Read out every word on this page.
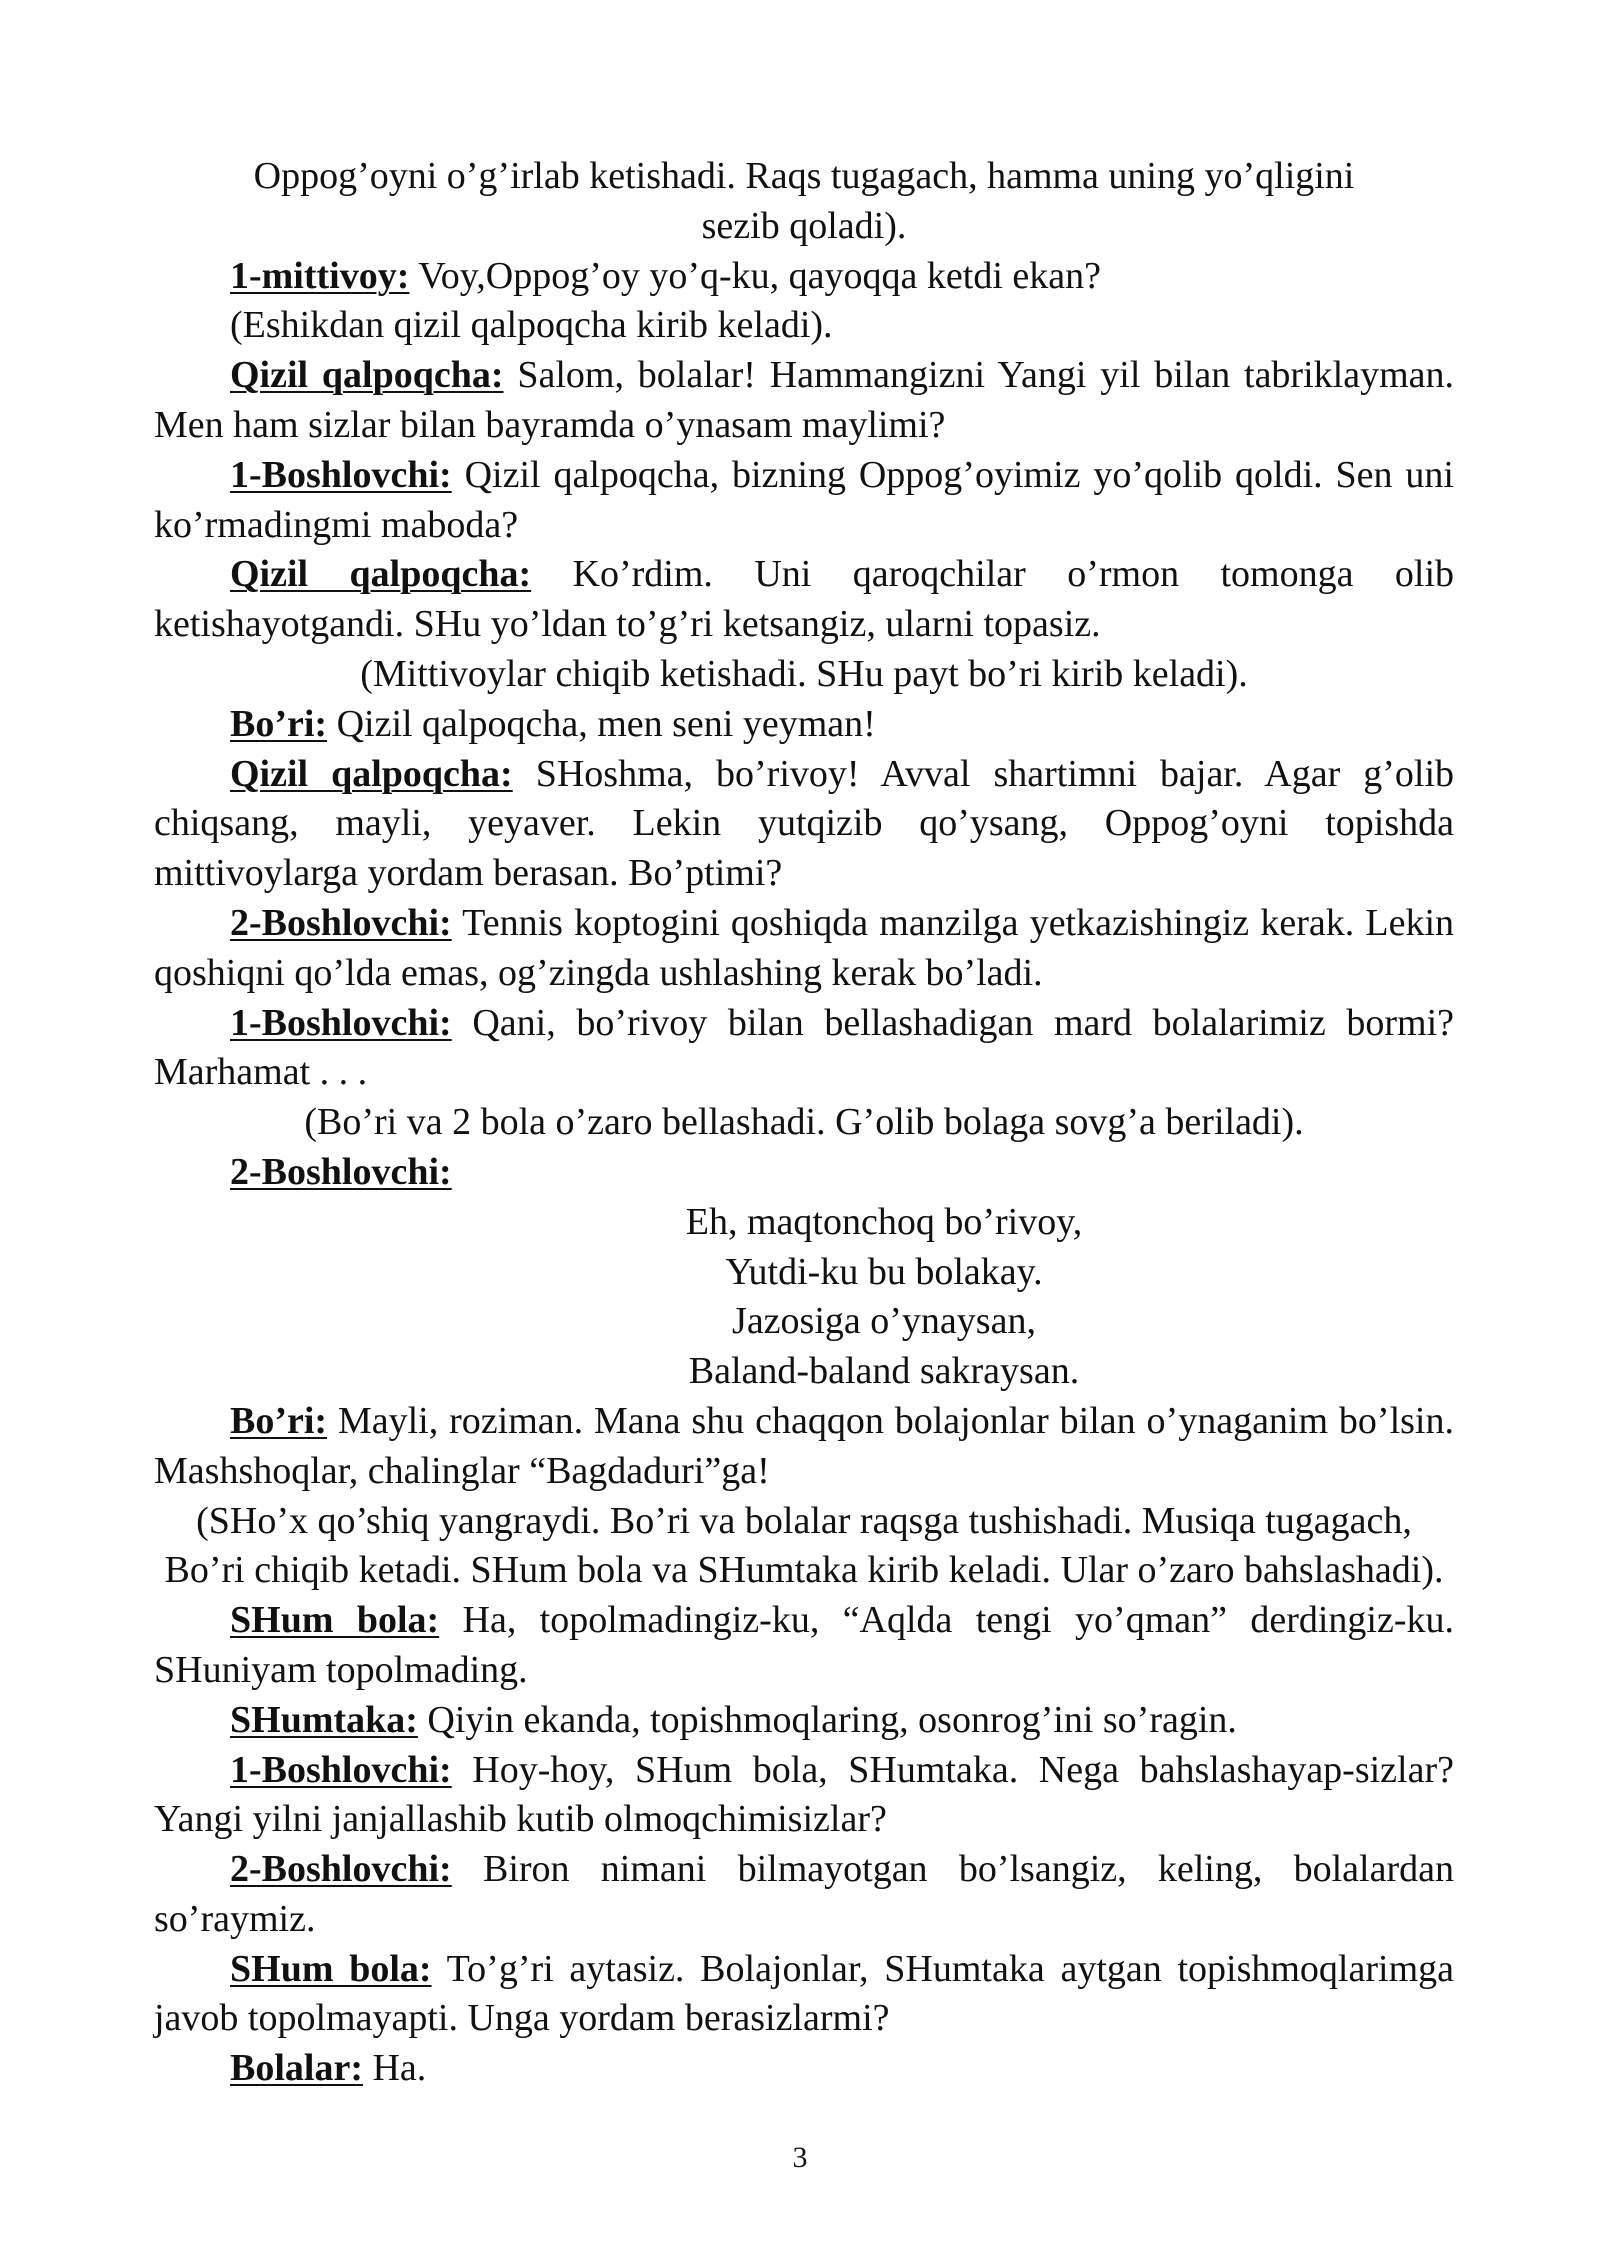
Oppog’oyni o’g’irlab ketishadi. Raqs tugagach, hamma uning yo’qligini

sezib qoladi).

1-mittivoy: Voy,Oppog’oy yo’q-ku, qayoqqa ketdi ekan?

(Eshikdan qizil qalpoqcha kirib keladi).

Qizil qalpoqcha: Salom, bolalar! Hammangizni Yangi yil bilan tabriklayman. Men ham sizlar bilan bayramda o’ynasam maylimi?

1-Boshlovchi: Qizil qalpoqcha, bizning Oppog’oyimiz yo’qolib qoldi. Sen uni ko’rmadingmi maboda?

Qizil qalpoqcha: Ko’rdim. Uni qaroqchilar o’rmon tomonga olib ketishayotgandi. SHu yo’ldan to’g’ri ketsangiz, ularni topasiz.

(Mittivoylar chiqib ketishadi. SHu payt bo’ri kirib keladi).

Bo’ri: Qizil qalpoqcha, men seni yeyman!

Qizil qalpoqcha: SHoshma, bo’rivoy! Avval shartimni bajar. Agar g’olib chiqsang, mayli, yeyaver. Lekin yutqizib qo’ysang, Oppog’oyni topishda mittivoylarga yordam berasan. Bo’ptimi?

2-Boshlovchi: Tennis koptogini qoshiqda manzilga yetkazishingiz kerak. Lekin qoshiqni qo’lda emas, og’zingda ushlashing kerak bo’ladi.

1-Boshlovchi: Qani, bo’rivoy bilan bellashadigan mard bolalarimiz bormi? Marhamat . . .

(Bo’ri va 2 bola o’zaro bellashadi. G’olib bolaga sovg’a beriladi).

2-Boshlovchi:

Eh, maqtonchoq bo’rivoy,
Yutdi-ku bu bolakay.
Jazosiga o’ynaysan,
Baland-baland sakraysan.

Bo’ri: Mayli, roziman. Mana shu chaqqon bolajonlar bilan o’ynaganim bo’lsin. Mashshoqlar, chalinglar “Bagdaduri”ga!

(SHo’x qo’shiq yangraydi. Bo’ri va bolalar raqsga tushishadi. Musiqa tugagach, Bo’ri chiqib ketadi. SHum bola va SHumtaka kirib keladi. Ular o’zaro bahslashadi).

SHum bola: Ha, topolmadingiz-ku, “Aqlda tengi yo’qman” derdingiz-ku. SHuniyam topolmading.

SHumtaka: Qiyin ekanda, topishmoqlaring, osonrog’ini so’ragin.

1-Boshlovchi: Hoy-hoy, SHum bola, SHumtaka. Nega bahslashayap-sizlar? Yangi yilni janjallashib kutib olmoqchimisizlar?

2-Boshlovchi: Biron nimani bilmayotgan bo’lsangiz, keling, bolalardan so’raymiz.

SHum bola: To’g’ri aytasiz. Bolajonlar, SHumtaka aytgan topishmoqlarimga javob topolmayapti. Unga yordam berasizlarmi?

Bolalar: Ha.

3
